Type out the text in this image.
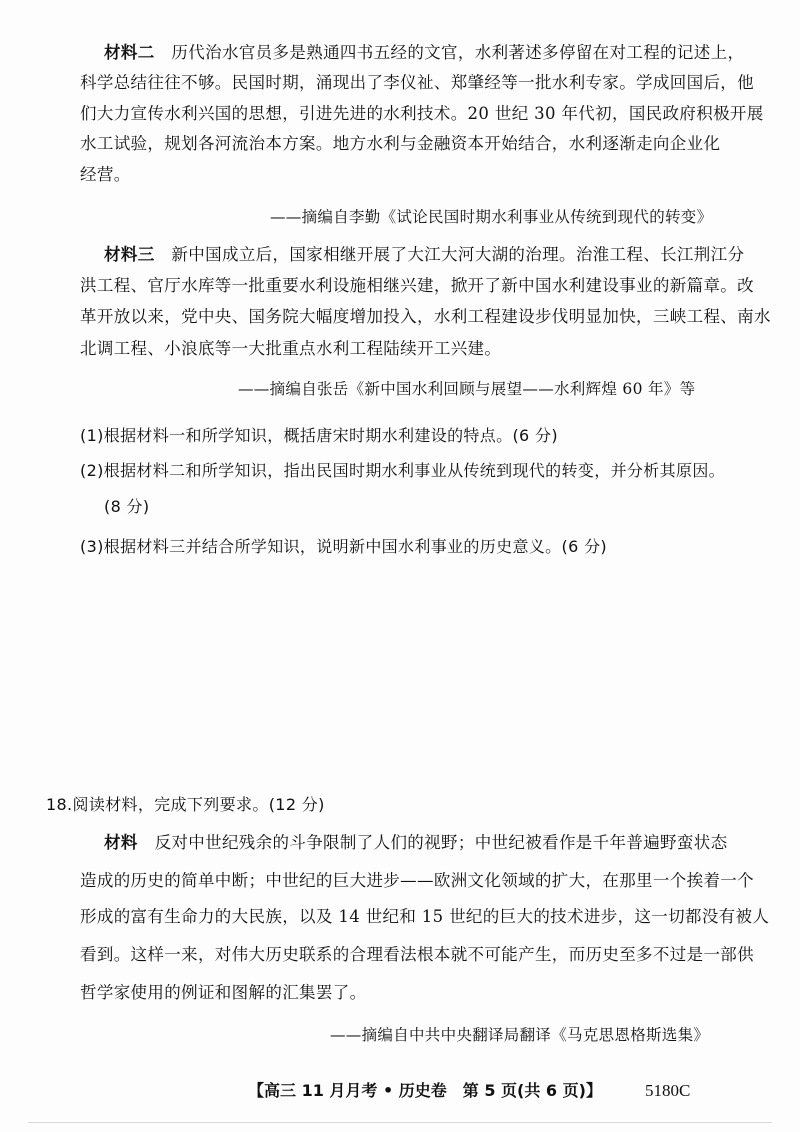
材料二　 历代治水官员多是熟通四书五经的文官，水利著述多停留在对工程的记述上，
科学总结往往不够。民国时期，涌现出了李仪祉、郑肇经等一批水利专家。学成回国后，他
们大力宣传水利兴国的思想，引进先进的水利技术。20 世纪 30 年代初，国民政府积极开展
水工试验，规划各河流治本方案。地方水利与金融资本开始结合，水利逐渐走向企业化
经营。
——摘编自李勤《试论民国时期水利事业从传统到现代的转变》
材料三　 新中国成立后，国家相继开展了大江大河大湖的治理。治淮工程、长江荆江分
洪工程、官厅水库等一批重要水利设施相继兴建，掀开了新中国水利建设事业的新篇章。改
革开放以来，党中央、国务院大幅度增加投入，水利工程建设步伐明显加快，三峡工程、南水
北调工程、小浪底等一大批重点水利工程陆续开工兴建。
——摘编自张岳《新中国水利回顾与展望——水利辉煌 60 年》等
(1)根据材料一和所学知识，概括唐宋时期水利建设的特点。(6 分)
(2)根据材料二和所学知识，指出民国时期水利事业从传统到现代的转变，并分析其原因。
(8 分)
(3)根据材料三并结合所学知识，说明新中国水利事业的历史意义。(6 分)
18.阅读材料，完成下列要求。(12 分)
材料　 反对中世纪残余的斗争限制了人们的视野；中世纪被看作是千年普遍野蛮状态
造成的历史的简单中断；中世纪的巨大进步——欧洲文化领域的扩大，在那里一个挨着一个
形成的富有生命力的大民族，以及 14 世纪和 15 世纪的巨大的技术进步，这一切都没有被人
看到。这样一来，对伟大历史联系的合理看法根本就不可能产生，而历史至多不过是一部供
哲学家使用的例证和图解的汇集罢了。
——摘编自中共中央翻译局翻译《马克思恩格斯选集》
【高三 11 月月考 • 历史卷　第 5 页(共 6 页)】	5180C
